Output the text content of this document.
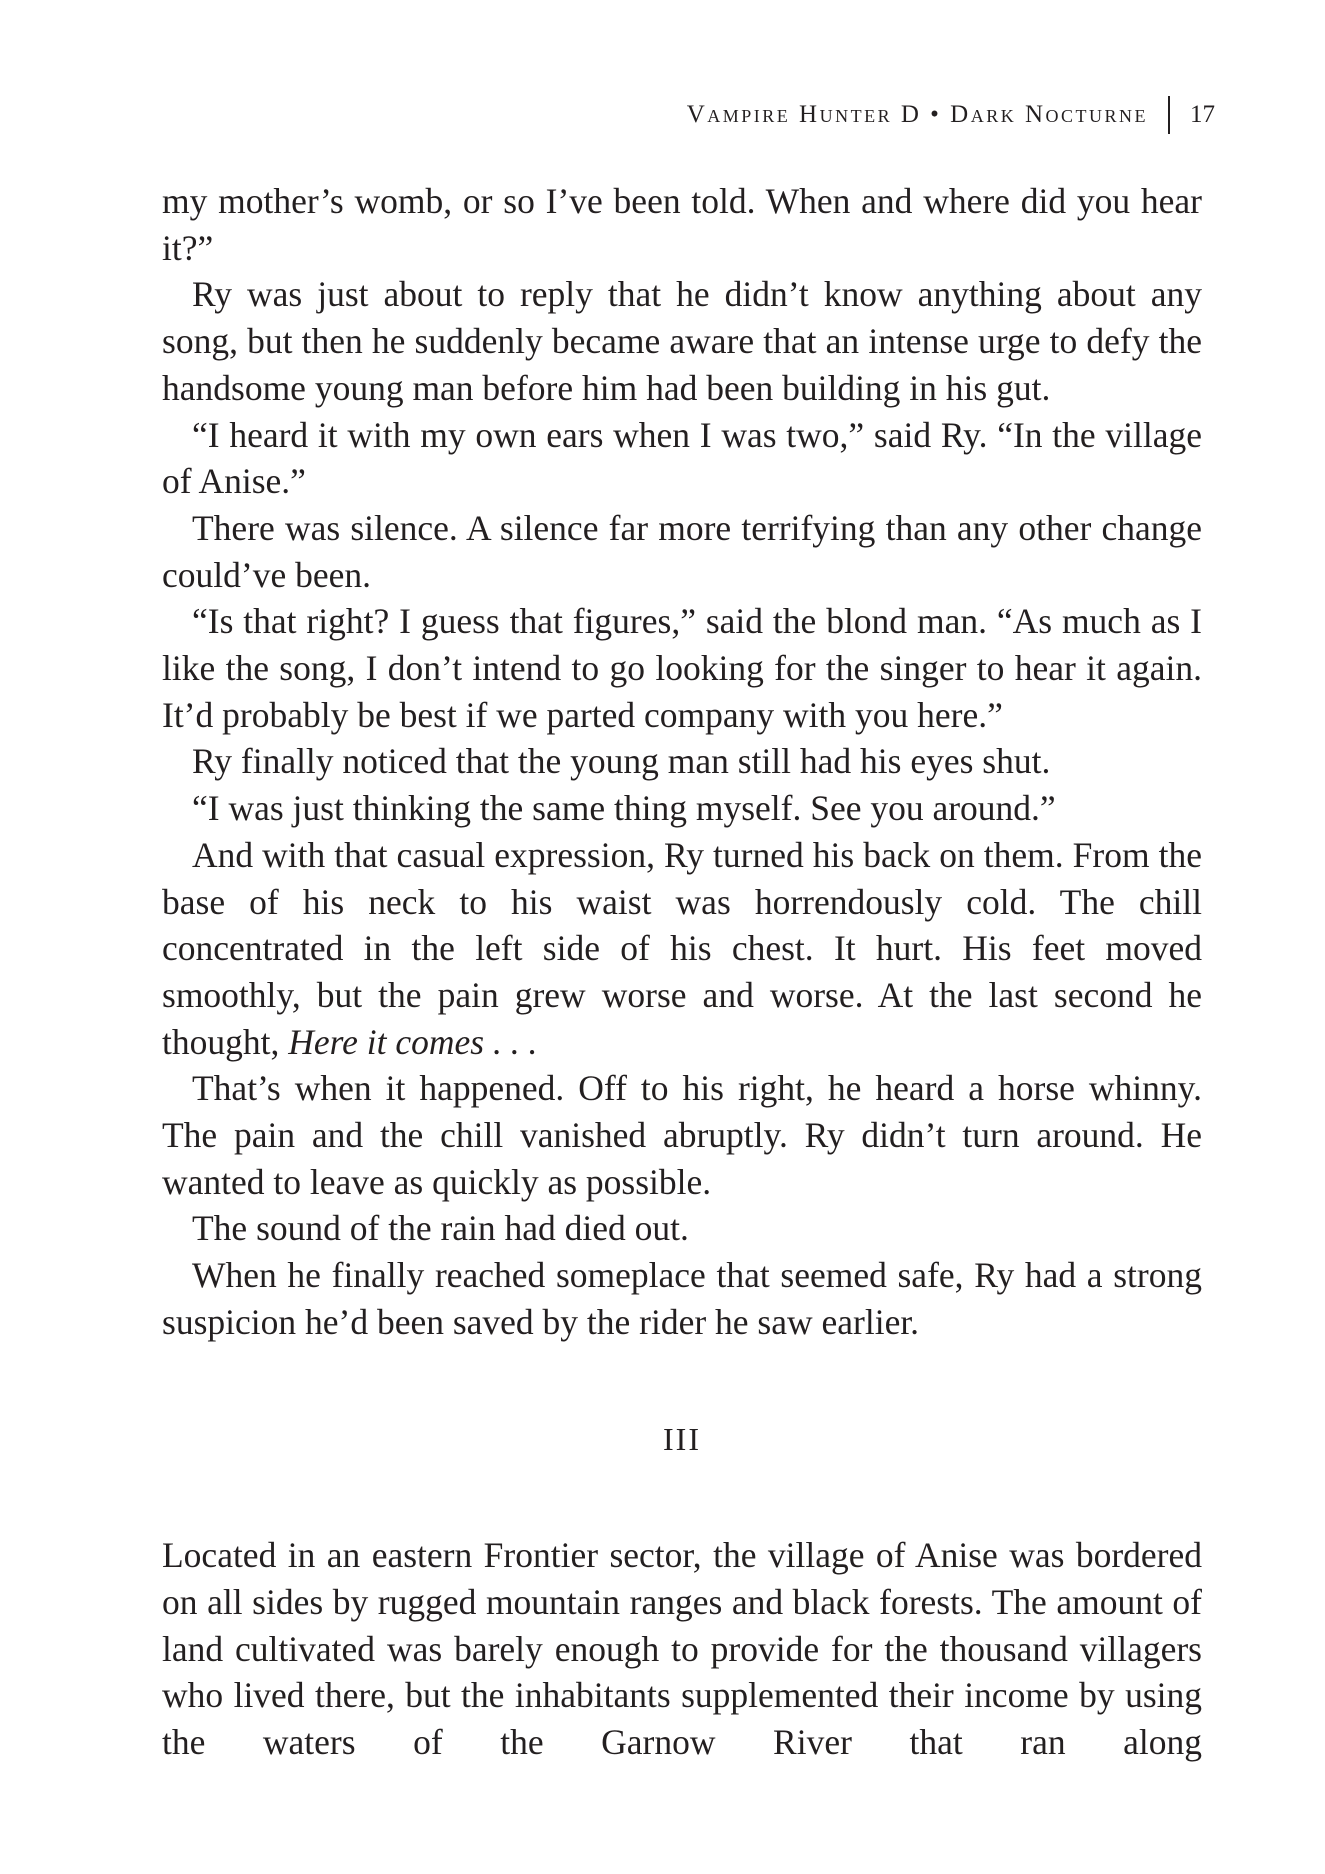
Vampire Hunter D • Dark Nocturne	17

my mother’s womb, or so I’ve been told. When and where did you hear it?”

Ry was just about to reply that he didn’t know anything about any song, but then he suddenly became aware that an intense urge to defy the handsome young man before him had been building in his gut.

“I heard it with my own ears when I was two,” said Ry. “In the village of Anise.”

There was silence. A silence far more terrifying than any other change could’ve been.

“Is that right? I guess that figures,” said the blond man. “As much as I like the song, I don’t intend to go looking for the singer to hear it again. It’d probably be best if we parted company with you here.”

Ry finally noticed that the young man still had his eyes shut.

“I was just thinking the same thing myself. See you around.”

And with that casual expression, Ry turned his back on them. From the base of his neck to his waist was horrendously cold. The chill concentrated in the left side of his chest. It hurt. His feet moved smoothly, but the pain grew worse and worse. At the last second he thought, Here it comes . . .

That’s when it happened. Off to his right, he heard a horse whinny. The pain and the chill vanished abruptly. Ry didn’t turn around. He wanted to leave as quickly as possible.

The sound of the rain had died out.

When he finally reached someplace that seemed safe, Ry had a strong suspicion he’d been saved by the rider he saw earlier.

III

Located in an eastern Frontier sector, the village of Anise was bordered on all sides by rugged mountain ranges and black forests. The amount of land cultivated was barely enough to provide for the thousand villagers who lived there, but the inhabitants supplemented their income by using the waters of the Garnow River that ran along
